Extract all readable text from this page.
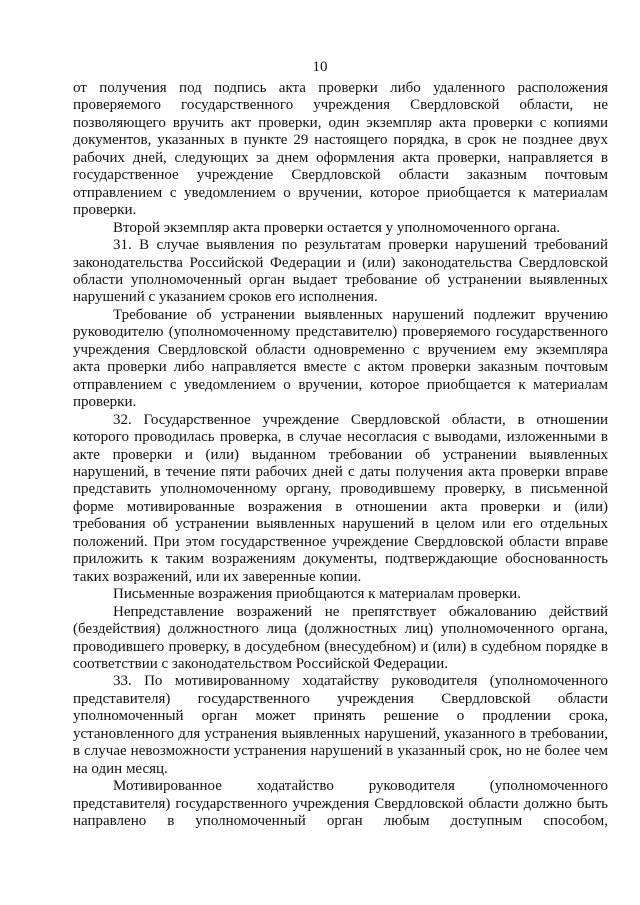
10

от получения под подпись акта проверки либо удаленного расположения проверяемого государственного учреждения Свердловской области, не позволяющего вручить акт проверки, один экземпляр акта проверки с копиями документов, указанных в пункте 29 настоящего порядка, в срок не позднее двух рабочих дней, следующих за днем оформления акта проверки, направляется в государственное учреждение Свердловской области заказным почтовым отправлением с уведомлением о вручении, которое приобщается к материалам проверки.

Второй экземпляр акта проверки остается у уполномоченного органа.

31. В случае выявления по результатам проверки нарушений требований законодательства Российской Федерации и (или) законодательства Свердловской области уполномоченный орган выдает требование об устранении выявленных нарушений с указанием сроков его исполнения.

Требование об устранении выявленных нарушений подлежит вручению руководителю (уполномоченному представителю) проверяемого государственного учреждения Свердловской области одновременно с вручением ему экземпляра акта проверки либо направляется вместе с актом проверки заказным почтовым отправлением с уведомлением о вручении, которое приобщается к материалам проверки.

32. Государственное учреждение Свердловской области, в отношении которого проводилась проверка, в случае несогласия с выводами, изложенными в акте проверки и (или) выданном требовании об устранении выявленных нарушений, в течение пяти рабочих дней с даты получения акта проверки вправе представить уполномоченному органу, проводившему проверку, в письменной форме мотивированные возражения в отношении акта проверки и (или) требования об устранении выявленных нарушений в целом или его отдельных положений. При этом государственное учреждение Свердловской области вправе приложить к таким возражениям документы, подтверждающие обоснованность таких возражений, или их заверенные копии.

Письменные возражения приобщаются к материалам проверки.

Непредставление возражений не препятствует обжалованию действий (бездействия) должностного лица (должностных лиц) уполномоченного органа, проводившего проверку, в досудебном (внесудебном) и (или) в судебном порядке в соответствии с законодательством Российской Федерации.

33. По мотивированному ходатайству руководителя (уполномоченного представителя) государственного учреждения Свердловской области уполномоченный орган может принять решение о продлении срока, установленного для устранения выявленных нарушений, указанного в требовании, в случае невозможности устранения нарушений в указанный срок, но не более чем на один месяц.

Мотивированное ходатайство руководителя (уполномоченного представителя) государственного учреждения Свердловской области должно быть направлено в уполномоченный орган любым доступным способом,
